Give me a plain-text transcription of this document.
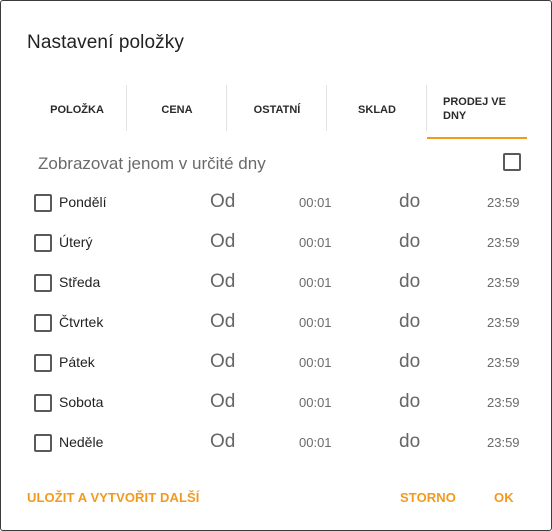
Nastavení položky
POLOŽKA	CENA	OSTATNÍ	SKLAD
PRODEJ VE DNY
Zobrazovat jenom v určité dny
Pondělí	Od	00:01	do	23:59
Úterý	Od	00:01	do	23:59
Středa	Od	00:01	do	23:59
Čtvrtek	Od	00:01	do	23:59
Pátek	Od	00:01	do	23:59
Sobota	Od	00:01	do	23:59
Neděle	Od	00:01	do	23:59
ULOŽIT A VYTVOŘIT DALŠÍ	STORNO	OK
